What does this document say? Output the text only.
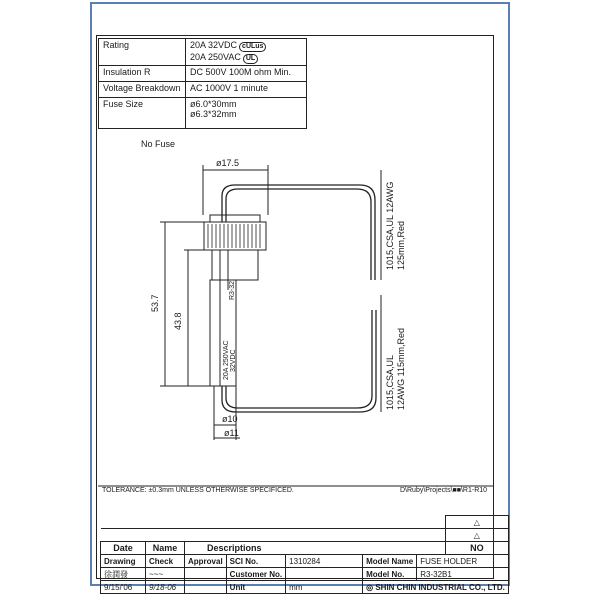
Rating	20A 32VDC cULus
20A 250VAC UL

Insulation R	DC 500V 100M ohm Min.
Voltage Breakdown	AC 1000V 1 minute
Fuse Size	ø6.0*30mm
ø6.3*32mm
No Fuse
ø17.5
53.7
43.8
ø10
ø11
1015,CSA,UL 12AWG 125mm,Red
1015,CSA,UL 12AWG 115mm,Red
R3-32
20A 250VAC 32VDC
TOLERANCE: ±0.3mm UNLESS OTHERWISE SPECIFICED.	D\Ruby\Projects\■■\R1-R10
							△
							△
Date	Name	Descriptions					NO
Drawing	Check	Approval	SCI No.	1310284	Model Name	FUSE HOLDER	
徐潤發	~~~		Customer No.		Model No.	R3-32B1	
9/15/'06	9/18-06		Unit	mm	◎ SHIN CHIN INDUSTRIAL CO., LTD.		
